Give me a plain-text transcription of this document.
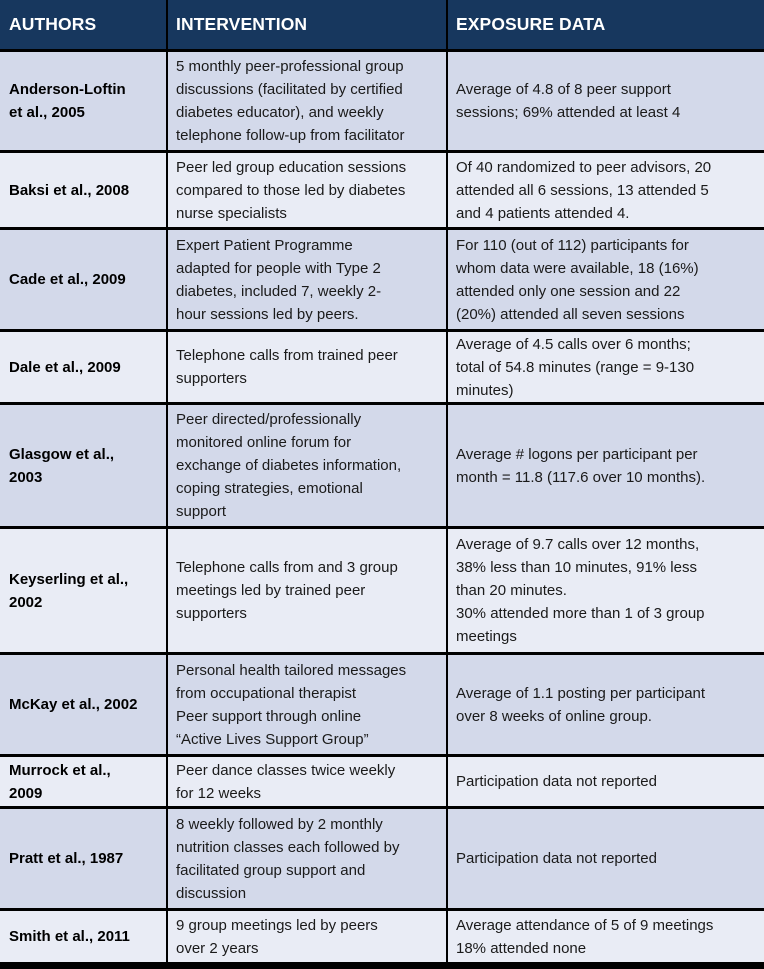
AUTHORS	INTERVENTION	EXPOSURE DATA
Anderson-Loftin
et al., 2005
5 monthly peer-professional group
discussions (facilitated by certified
diabetes educator), and weekly
telephone follow-up from facilitator
Average of 4.8 of 8 peer support
sessions; 69% attended at least 4
Baksi et al., 2008
Peer led group education sessions
compared to those led by diabetes
nurse specialists
Of 40 randomized to peer advisors, 20
attended all 6 sessions, 13 attended 5
and 4 patients attended 4.
Cade et al., 2009
Expert Patient Programme
adapted for people with Type 2
diabetes, included 7, weekly 2-
hour sessions led by peers.
For 110 (out of 112) participants for
whom data were available, 18 (16%)
attended only one session and 22
(20%) attended all seven sessions
Dale et al., 2009
Telephone calls from trained peer
supporters
Average of 4.5 calls over 6 months;
total of 54.8 minutes (range = 9-130
minutes)
Glasgow et al.,
2003
Peer directed/professionally
monitored online forum for
exchange of diabetes information,
coping strategies, emotional
support
Average # logons per participant per
month = 11.8 (117.6 over 10 months).
Keyserling et al.,
2002
Telephone calls from and 3 group
meetings led by trained peer
supporters
Average of 9.7 calls over 12 months,
38% less than 10 minutes, 91% less
than 20 minutes.
30% attended more than 1 of 3 group
meetings
McKay et al., 2002
Personal health tailored messages
from occupational therapist
Peer support through online
“Active Lives Support Group”
Average of 1.1 posting per participant
over 8 weeks of online group.
Murrock et al.,
2009
Peer dance classes twice weekly
for 12 weeks
Participation data not reported
Pratt et al., 1987
8 weekly followed by 2 monthly
nutrition classes each followed by
facilitated group support and
discussion
Participation data not reported
Smith et al., 2011
9 group meetings led by peers
over 2 years
Average attendance of 5 of 9 meetings
18% attended none
